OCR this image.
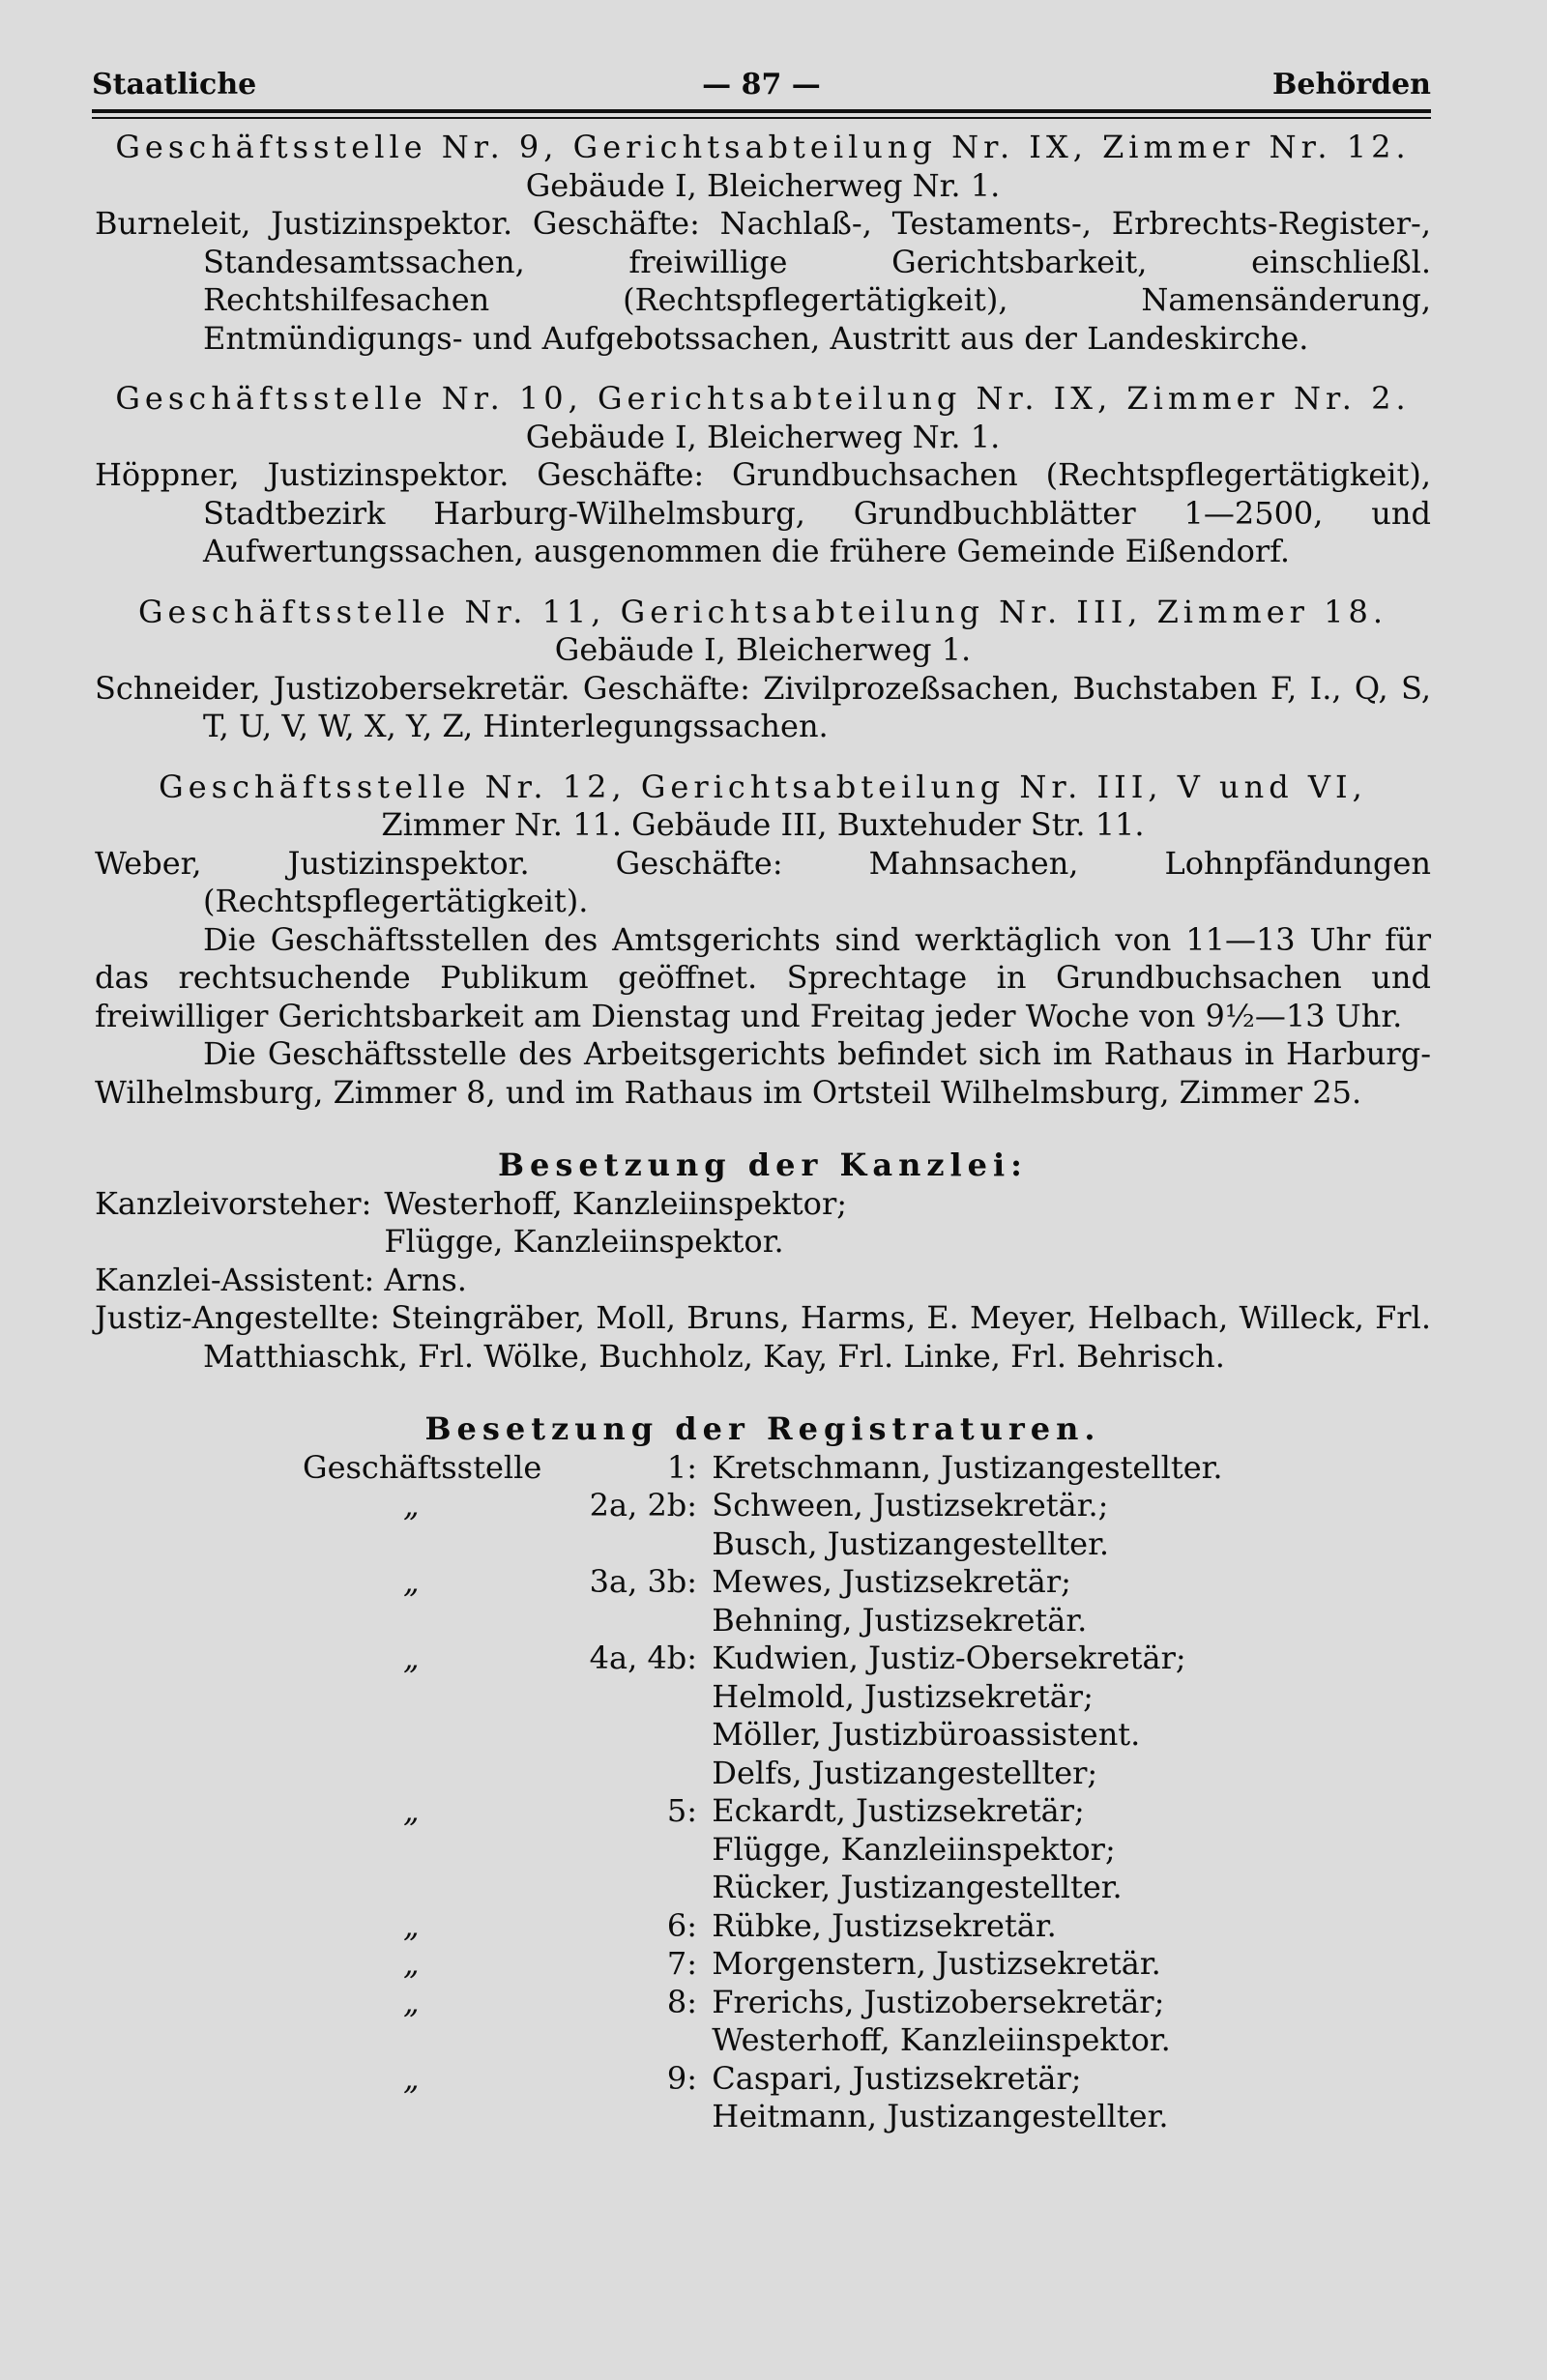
Staatliche	— 87 —	Behörden
Geschäftsstelle Nr. 9, Gerichtsabteilung Nr. IX, Zimmer Nr. 12.
Gebäude I, Bleicherweg Nr. 1.
Burneleit, Justizinspektor. Geschäfte: Nachlaß-, Testaments-, Erbrechts-Register-, Standesamtssachen, freiwillige Gerichtsbarkeit, einschließl. Rechtshilfesachen (Rechtspflegertätigkeit), Namensänderung, Entmündigungs- und Aufgebotssachen, Austritt aus der Landeskirche.
Geschäftsstelle Nr. 10, Gerichtsabteilung Nr. IX, Zimmer Nr. 2.
Gebäude I, Bleicherweg Nr. 1.
Höppner, Justizinspektor. Geschäfte: Grundbuchsachen (Rechtspflegertätigkeit), Stadtbezirk Harburg-Wilhelmsburg, Grundbuchblätter 1—2500, und Aufwertungssachen, ausgenommen die frühere Gemeinde Eißendorf.
Geschäftsstelle Nr. 11, Gerichtsabteilung Nr. III, Zimmer 18.
Gebäude I, Bleicherweg 1.
Schneider, Justizobersekretär. Geschäfte: Zivilprozeßsachen, Buchstaben F, I., Q, S, T, U, V, W, X, Y, Z, Hinterlegungssachen.
Geschäftsstelle Nr. 12, Gerichtsabteilung Nr. III, V und VI,
Zimmer Nr. 11. Gebäude III, Buxtehuder Str. 11.
Weber, Justizinspektor. Geschäfte: Mahnsachen, Lohnpfändungen (Rechtspflegertätigkeit).
Die Geschäftsstellen des Amtsgerichts sind werktäglich von 11—13 Uhr für das rechtsuchende Publikum geöffnet. Sprechtage in Grundbuchsachen und freiwilliger Gerichtsbarkeit am Dienstag und Freitag jeder Woche von 9½—13 Uhr.
Die Geschäftsstelle des Arbeitsgerichts befindet sich im Rathaus in Harburg-Wilhelmsburg, Zimmer 8, und im Rathaus im Ortsteil Wilhelmsburg, Zimmer 25.
Besetzung der Kanzlei:
Kanzleivorsteher:	Westerhoff, Kanzleiinspektor;
	Flügge, Kanzleiinspektor.
Kanzlei-Assistent:	Arns.
Justiz-Angestellte: Steingräber, Moll, Bruns, Harms, E. Meyer, Helbach, Willeck, Frl. Matthiaschk, Frl. Wölke, Buchholz, Kay, Frl. Linke, Frl. Behrisch.
Besetzung der Registraturen.
Geschäftsstelle	1	:	Kretschmann, Justizangestellter.
„	2a, 2b	:	Schween, Justizsekretär.;
			Busch, Justizangestellter.
„	3a, 3b	:	Mewes, Justizsekretär;
			Behning, Justizsekretär.
„	4a, 4b	:	Kudwien, Justiz-Obersekretär;
			Helmold, Justizsekretär;
			Möller, Justizbüroassistent.
			Delfs, Justizangestellter;
„	5	:	Eckardt, Justizsekretär;
			Flügge, Kanzleiinspektor;
			Rücker, Justizangestellter.
„	6	:	Rübke, Justizsekretär.
„	7	:	Morgenstern, Justizsekretär.
„	8	:	Frerichs, Justizobersekretär;
			Westerhoff, Kanzleiinspektor.
„	9	:	Caspari, Justizsekretär;
			Heitmann, Justizangestellter.
